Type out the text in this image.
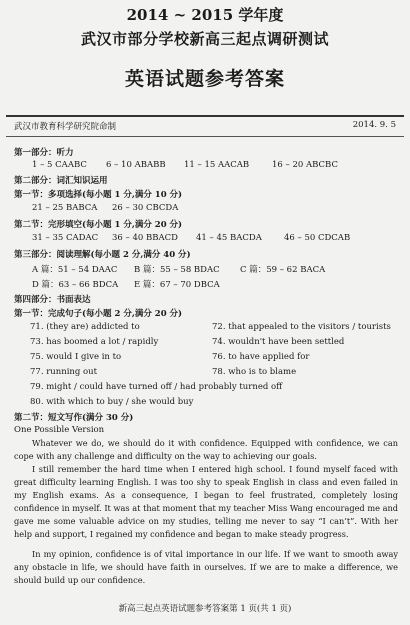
2014 ~ 2015 学年度
武汉市部分学校新高三起点调研测试
英语试题参考答案
武汉市教育科学研究院命制	2014. 9. 5
第一部分：听力
1 – 5 CAABC 6 – 10 ABABB 11 – 15 AACAB	16 – 20 ABCBC
第二部分：词汇知识运用
第一节：多项选择(每小题 1 分,满分 10 分)
21 – 25 BABCA 26 – 30 CBCDA
第二节：完形填空(每小题 1 分,满分 20 分)
31 – 35 CADAC 36 – 40 BBACD 41 – 45 BACDA	46 – 50 CDCAB
第三部分：阅读理解(每小题 2 分,满分 40 分)
A 篇：51 – 54 DAAC B 篇：55 – 58 BDAC C 篇：59 – 62 BACA
D 篇：63 – 66 BDCA E 篇：67 – 70 DBCA
第四部分：书面表达
第一节：完成句子(每小题 2 分,满分 20 分)
71. (they are) addicted to	72. that appealed to the visitors / tourists
73. has boomed a lot / rapidly	74. wouldn't have been settled
75. would I give in to	76. to have applied for
77. running out	78. who is to blame
79. might / could have turned off / had probably turned off
80. with which to buy / she would buy
第二节：短文写作(满分 30 分)
One Possible Version
Whatever we do, we should do it with confidence. Equipped with confidence, we can cope with any challenge and difficulty on the way to achieving our goals.
I still remember the hard time when I entered high school. I found myself faced with great difficulty learning English. I was too shy to speak English in class and even failed in my English exams. As a consequence, I began to feel frustrated, completely losing confidence in myself. It was at that moment that my teacher Miss Wang encouraged me and gave me some valuable advice on my studies, telling me never to say “I can’t”. With her help and support, I regained my confidence and began to make steady progress.
In my opinion, confidence is of vital importance in our life. If we want to smooth away any obstacle in life, we should have faith in ourselves. If we are to make a difference, we should build up our confidence.
新高三起点英语试题参考答案第 1 页(共 1 页)
